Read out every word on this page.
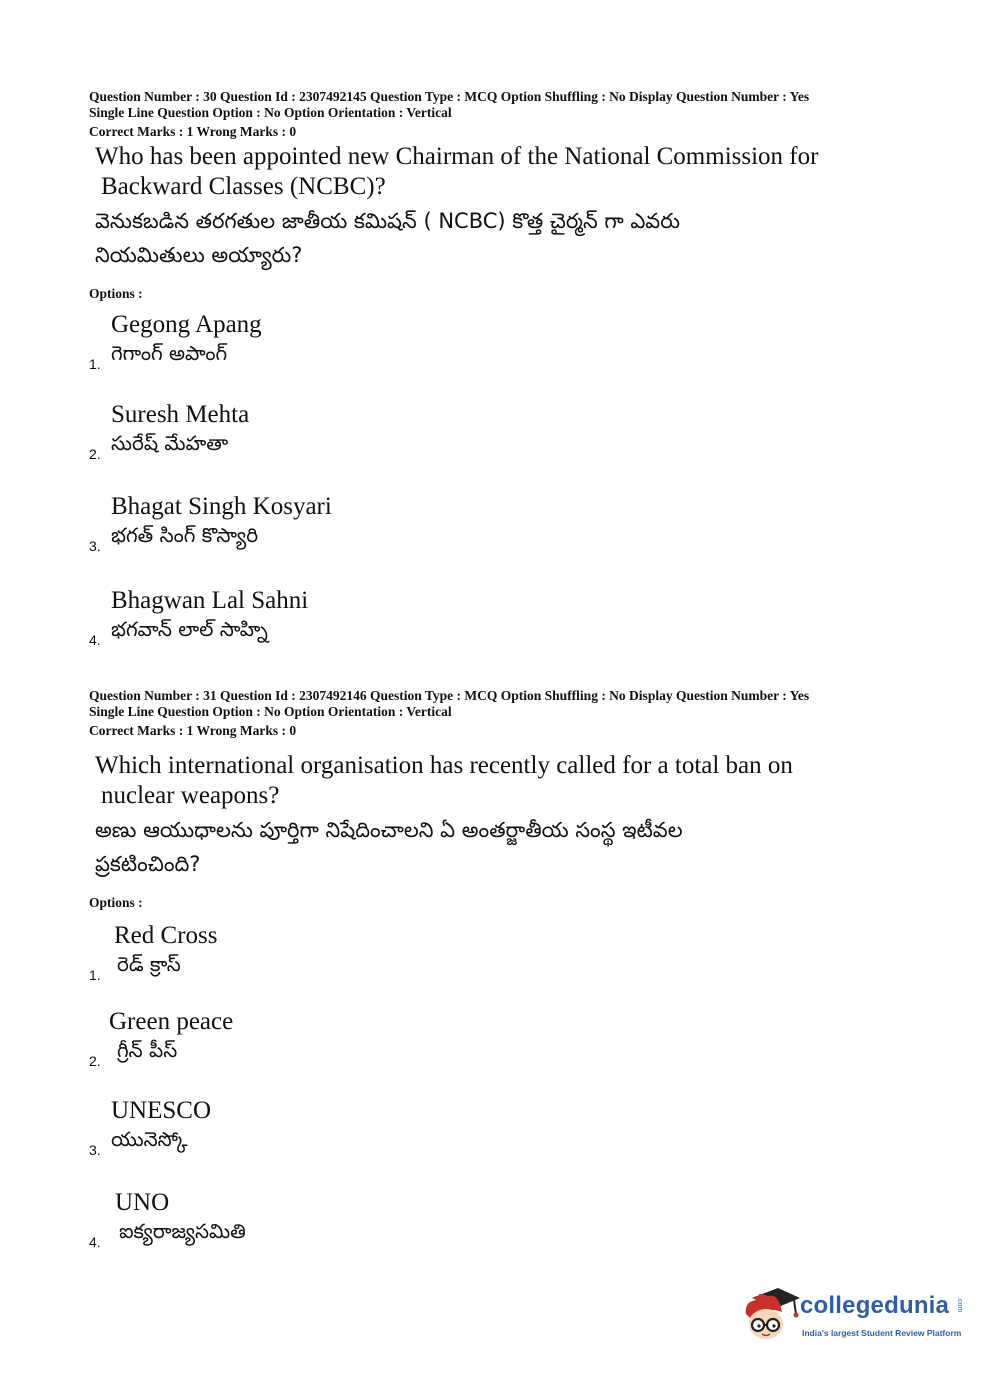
Question Number : 30 Question Id : 2307492145 Question Type : MCQ Option Shuffling : No Display Question Number : Yes
Single Line Question Option : No Option Orientation : Vertical
Correct Marks : 1 Wrong Marks : 0
Who has been appointed new Chairman of the National Commission for
Backward Classes (NCBC)?
వెనుకబడిన తరగతుల జాతీయ కమిషన్ ( NCBC) కొత్త చైర్మన్ గా ఎవరు
నియమితులు అయ్యారు?
Options :
Gegong Apang
గెగాంగ్ అపాంగ్
1.
Suresh Mehta
సురేష్ మేహతా
2.
Bhagat Singh Kosyari
భగత్ సింగ్ కొస్యారి
3.
Bhagwan Lal Sahni
భగవాన్ లాల్ సాహ్ని
4.
Question Number : 31 Question Id : 2307492146 Question Type : MCQ Option Shuffling : No Display Question Number : Yes
Single Line Question Option : No Option Orientation : Vertical
Correct Marks : 1 Wrong Marks : 0
Which international organisation has recently called for a total ban on
nuclear weapons?
అణు ఆయుధాలను పూర్తిగా నిషేదించాలని ఏ అంతర్జాతీయ సంస్థ ఇటీవల
ప్రకటించింది?
Options :
Red Cross
రెడ్ క్రాస్
1.
Green peace
గ్రీన్ పీస్
2.
UNESCO
యునెస్కో
3.
UNO
ఐక్యరాజ్యసమితి
4.
collegedunia .com
India's largest Student Review Platform
